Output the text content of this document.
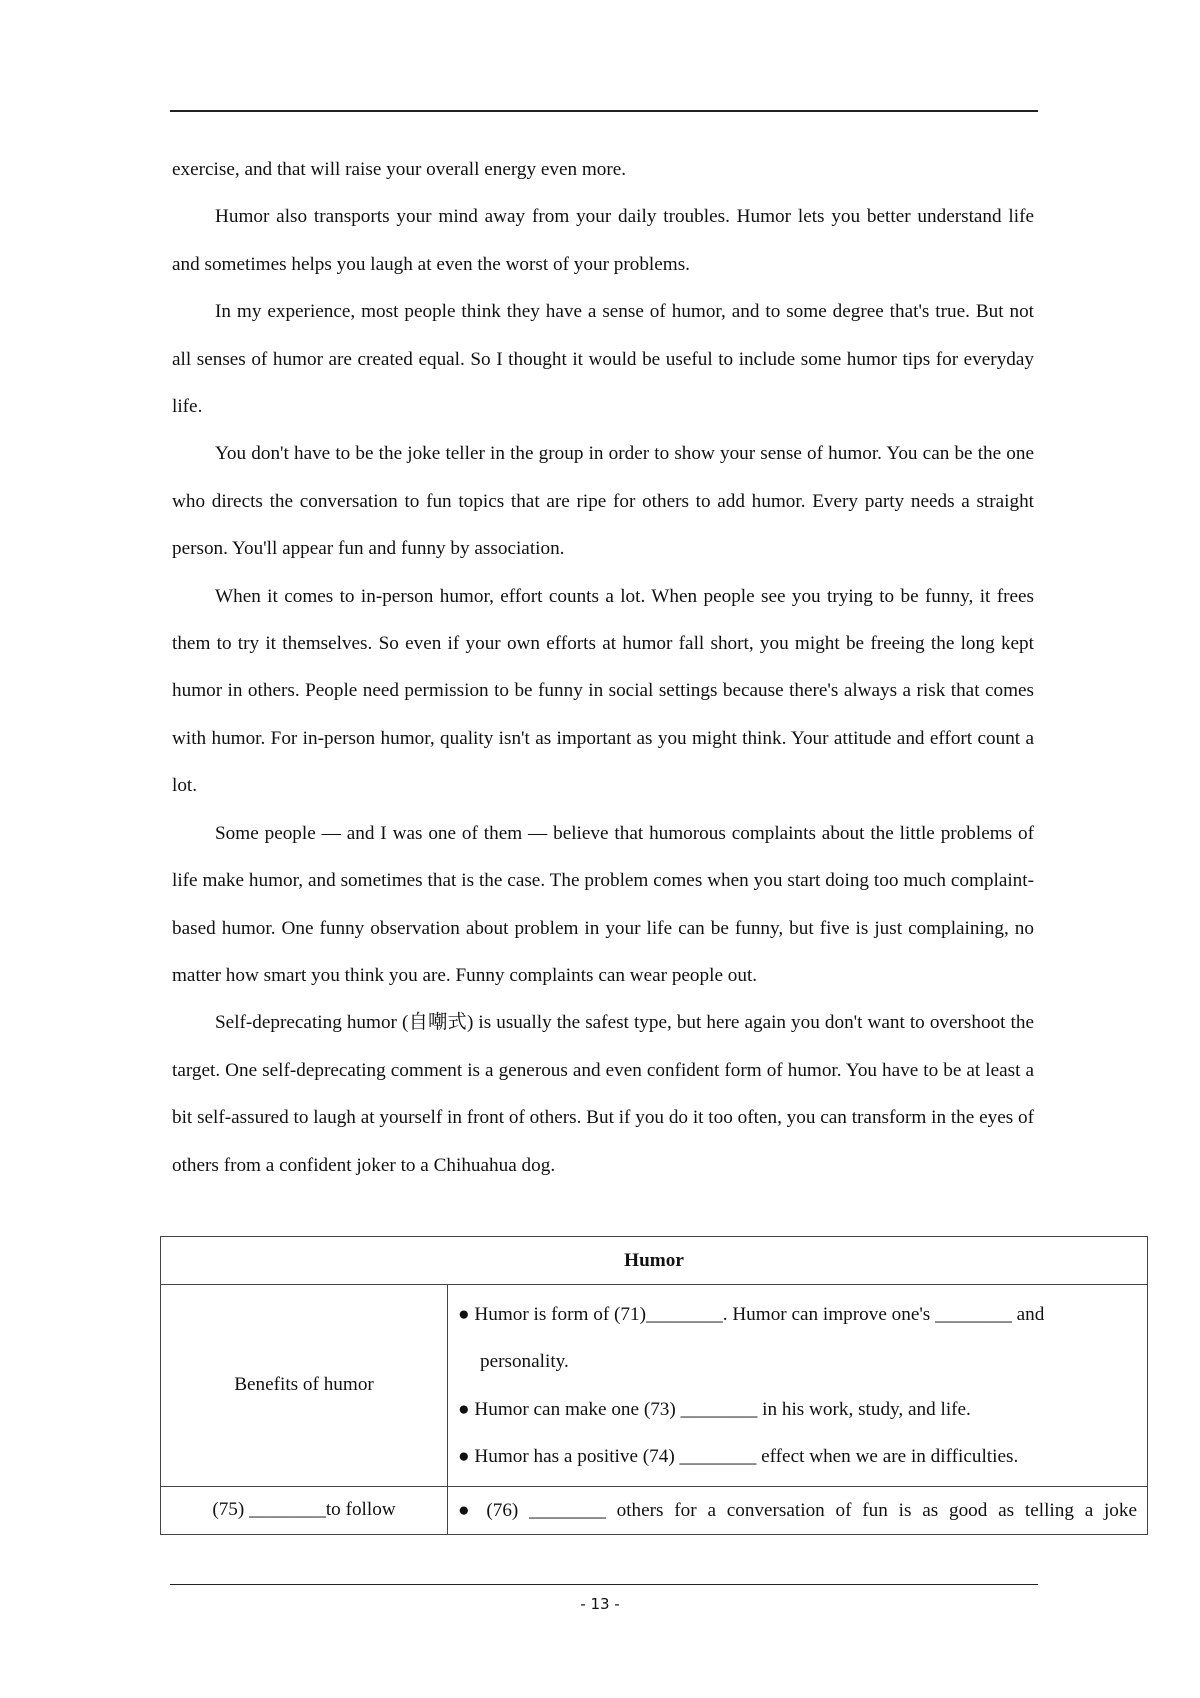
exercise, and that will raise your overall energy even more.

Humor also transports your mind away from your daily troubles. Humor lets you better understand life and sometimes helps you laugh at even the worst of your problems.

In my experience, most people think they have a sense of humor, and to some degree that's true. But not all senses of humor are created equal. So I thought it would be useful to include some humor tips for everyday life.

You don't have to be the joke teller in the group in order to show your sense of humor. You can be the one who directs the conversation to fun topics that are ripe for others to add humor. Every party needs a straight person. You'll appear fun and funny by association.

When it comes to in-person humor, effort counts a lot. When people see you trying to be funny, it frees them to try it themselves. So even if your own efforts at humor fall short, you might be freeing the long kept humor in others. People need permission to be funny in social settings because there's always a risk that comes with humor. For in-person humor, quality isn't as important as you might think. Your attitude and effort count a lot.

Some people — and I was one of them — believe that humorous complaints about the little problems of life make humor, and sometimes that is the case. The problem comes when you start doing too much complaint-based humor. One funny observation about problem in your life can be funny, but five is just complaining, no matter how smart you think you are. Funny complaints can wear people out.

Self-deprecating humor (自嘲式) is usually the safest type, but here again you don't want to overshoot the target. One self-deprecating comment is a generous and even confident form of humor. You have to be at least a bit self-assured to laugh at yourself in front of others. But if you do it too often, you can transform in the eyes of others from a confident joker to a Chihuahua dog.

Humor	
Benefits of humor	● Humor is form of (71)________. Humor can improve one's ________ and
personality.
● Humor can make one (73) ________ in his work, study, and life.
● Humor has a positive (74) ________ effect when we are in difficulties.

(75) ________to follow	● (76) ________ others for a conversation of fun is as good as telling a joke
- 13 -
